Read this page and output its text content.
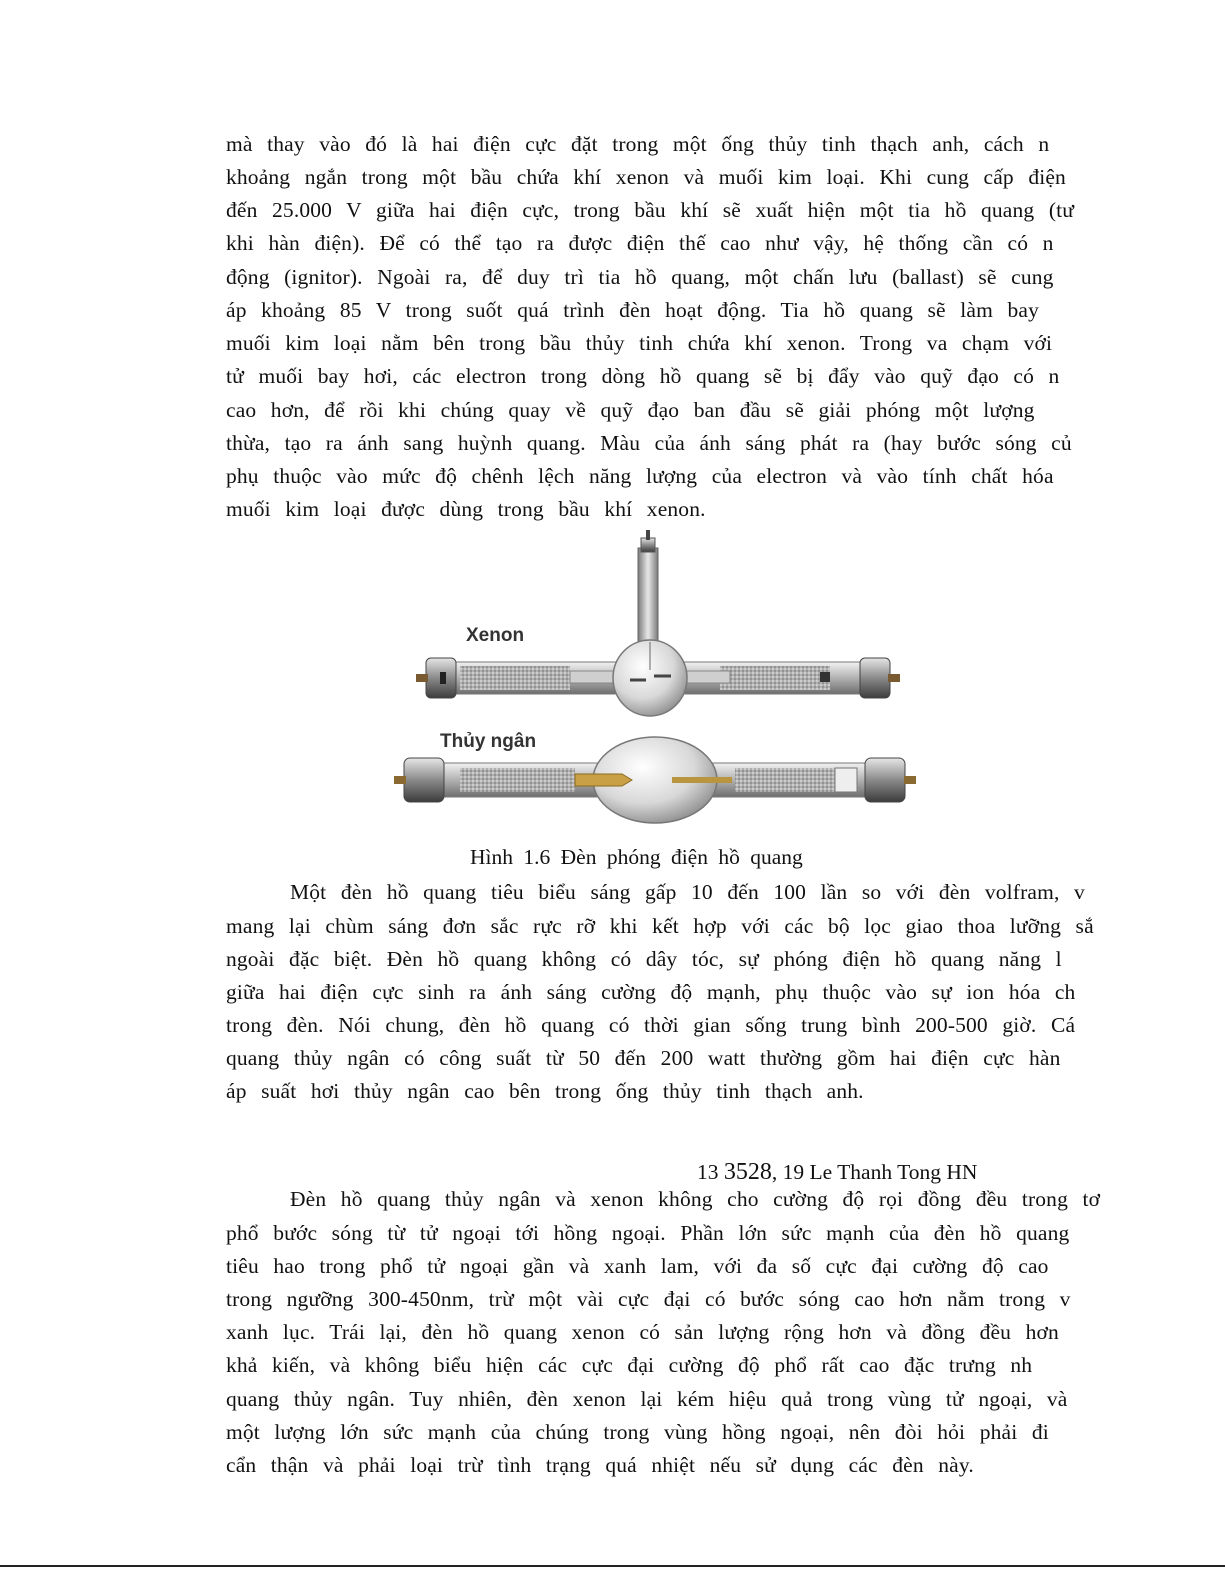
mà thay vào đó là hai điện cực đặt trong một ống thủy tinh thạch anh, cách n
khoảng ngắn trong một bầu chứa khí xenon và muối kim loại. Khi cung cấp điện
đến 25.000 V giữa hai điện cực, trong bầu khí sẽ xuất hiện một tia hồ quang (tư
khi hàn điện). Để có thể tạo ra được điện thế cao như vậy, hệ thống cần có n
động (ignitor). Ngoài ra, để duy trì tia hồ quang, một chấn lưu (ballast) sẽ cung
áp khoảng 85 V trong suốt quá trình đèn hoạt động. Tia hồ quang sẽ làm bay
muối kim loại nằm bên trong bầu thủy tinh chứa khí xenon. Trong va chạm với
tử muối bay hơi, các electron trong dòng hồ quang sẽ bị đẩy vào quỹ đạo có n
cao hơn, để rồi khi chúng quay về quỹ đạo ban đầu sẽ giải phóng một lượng
thừa, tạo ra ánh sang huỳnh quang. Màu của ánh sáng phát ra (hay bước sóng củ
phụ thuộc vào mức độ chênh lệch năng lượng của electron và vào tính chất hóa
muối kim loại được dùng trong bầu khí xenon.
Xenon
Thủy ngân
Hình 1.6 Đèn phóng điện hồ quang
Một đèn hồ quang tiêu biểu sáng gấp 10 đến 100 lần so với đèn volfram, v
mang lại chùm sáng đơn sắc rực rỡ khi kết hợp với các bộ lọc giao thoa lưỡng sắ
ngoài đặc biệt. Đèn hồ quang không có dây tóc, sự phóng điện hồ quang năng l
giữa hai điện cực sinh ra ánh sáng cường độ mạnh, phụ thuộc vào sự ion hóa ch
trong đèn. Nói chung, đèn hồ quang có thời gian sống trung bình 200-500 giờ. Cá
quang thủy ngân có công suất từ 50 đến 200 watt thường gồm hai điện cực hàn
áp suất hơi thủy ngân cao bên trong ống thủy tinh thạch anh.
13 3528, 19 Le Thanh Tong HN
Đèn hồ quang thủy ngân và xenon không cho cường độ rọi đồng đều trong tơ
phổ bước sóng từ tử ngoại tới hồng ngoại. Phần lớn sức mạnh của đèn hồ quang
tiêu hao trong phổ tử ngoại gần và xanh lam, với đa số cực đại cường độ cao
trong ngưỡng 300-450nm, trừ một vài cực đại có bước sóng cao hơn nằm trong v
xanh lục. Trái lại, đèn hồ quang xenon có sản lượng rộng hơn và đồng đều hơn
khả kiến, và không biểu hiện các cực đại cường độ phổ rất cao đặc trưng nh
quang thủy ngân. Tuy nhiên, đèn xenon lại kém hiệu quả trong vùng tử ngoại, và
một lượng lớn sức mạnh của chúng trong vùng hồng ngoại, nên đòi hỏi phải đi
cẩn thận và phải loại trừ tình trạng quá nhiệt nếu sử dụng các đèn này.
